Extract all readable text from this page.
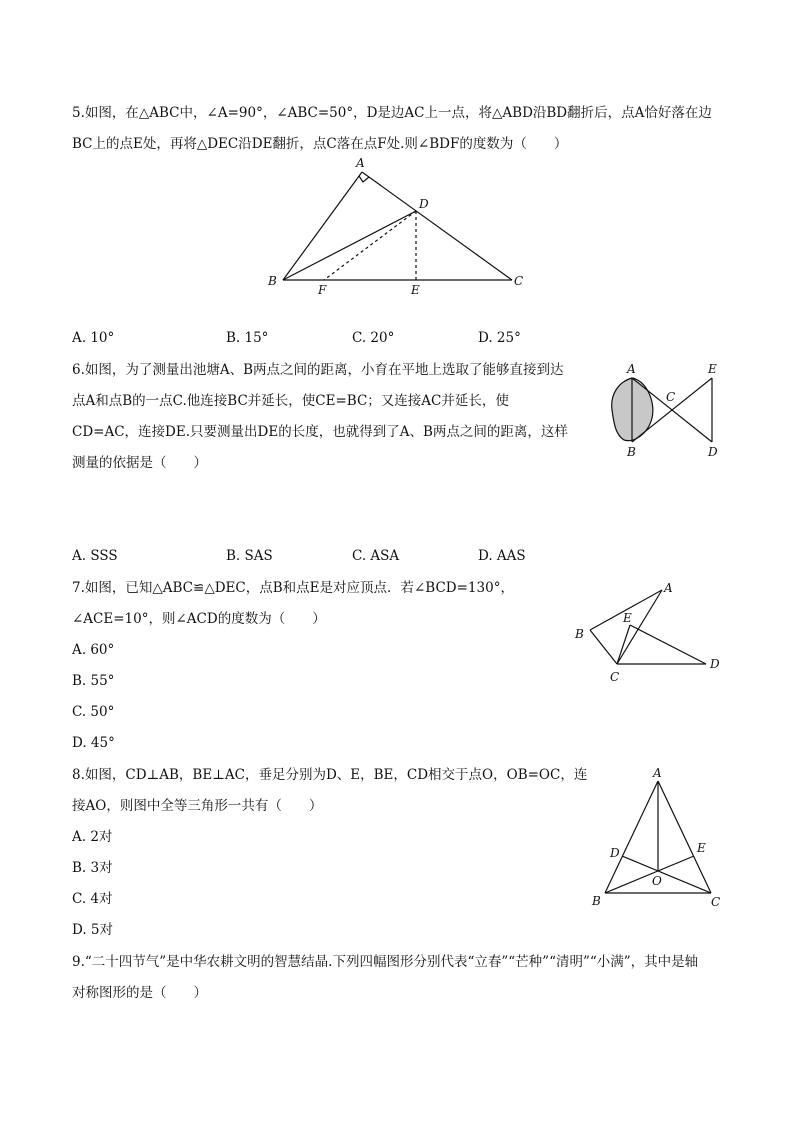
5.如图，在△ABC中，∠A=90°，∠ABC=50°，D是边AC上一点，将△ABD沿BD翻折后，点A恰好落在边
BC上的点E处，再将△DEC沿DE翻折，点C落在点F处.则∠BDF的度数为（　　）
A
D
B
F	E
C
A. 10°	B. 15°	C. 20°	D. 25°
6.如图，为了测量出池塘A、B两点之间的距离，小育在平地上选取了能够直接到达
点A和点B的一点C.他连接BC并延长，使CE=BC；又连接AC并延长，使
CD=AC，连接DE.只要测量出DE的长度，也就得到了A、B两点之间的距离，这样
测量的依据是（　　）
A
C
E
B	D
A. SSS	B. SAS	C. ASA	D. AAS
7.如图，已知△ABC≌△DEC，点B和点E是对应顶点．若∠BCD=130°，
∠ACE=10°，则∠ACD的度数为（　　）
A
E
B
D
C
A. 60°
B. 55°
C. 50°
D. 45°
8.如图，CD⊥AB，BE⊥AC，垂足分别为D、E，BE，CD相交于点O，OB=OC，连
接AO，则图中全等三角形一共有（　　）
A
D	E
O
B	C
A. 2对
B. 3对
C. 4对
D. 5对
9.“二十四节气”是中华农耕文明的智慧结晶.下列四幅图形分别代表“立春”“芒种”“清明”“小满”，其中是轴
对称图形的是（　　）
